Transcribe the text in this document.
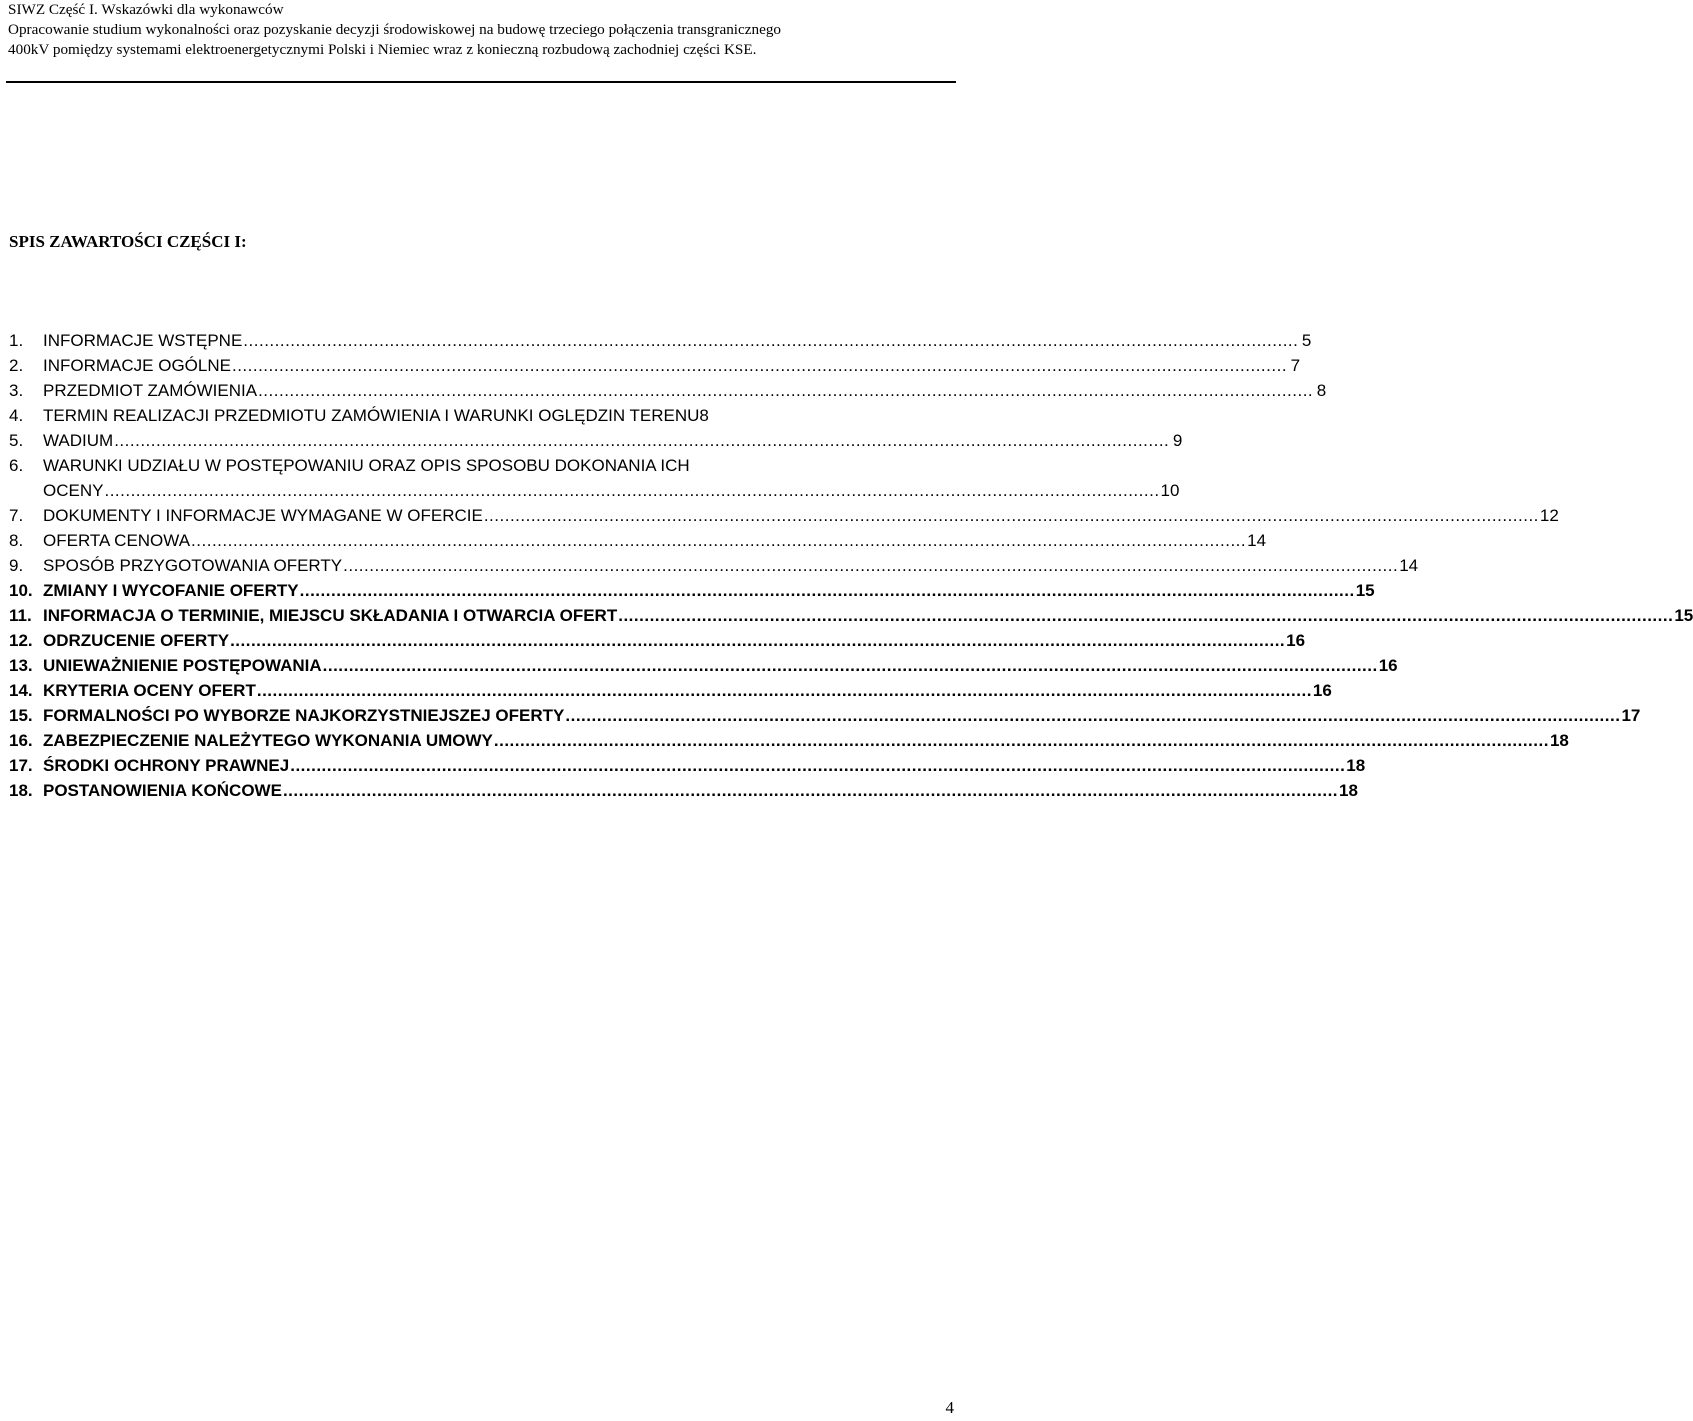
SIWZ Część I. Wskazówki dla wykonawców
Opracowanie studium wykonalności oraz pozyskanie decyzji środowiskowej na budowę trzeciego połączenia transgranicznego
400kV pomiędzy systemami elektroenergetycznymi Polski i Niemiec wraz z konieczną rozbudową zachodniej części KSE.
SPIS ZAWARTOŚCI CZĘŚCI I:
1.	INFORMACJE WSTĘPNE .......................................................................................................................................................................................................... 5
2.	INFORMACJE OGÓLNE .......................................................................................................................................................................................................... 7
3.	PRZEDMIOT ZAMÓWIENIA .......................................................................................................................................................................................................... 8
4.	TERMIN REALIZACJI PRZEDMIOTU ZAMÓWIENIA I WARUNKI OGLĘDZIN TERENU8
5.	WADIUM .......................................................................................................................................................................................................... 9
6.	WARUNKI UDZIAŁU W POSTĘPOWANIU ORAZ OPIS SPOSOBU DOKONANIA ICH
OCENY .......................................................................................................................................................................................................... 10
7.	DOKUMENTY I INFORMACJE WYMAGANE W OFERCIE .......................................................................................................................................................................................................... 12
8.	OFERTA CENOWA .......................................................................................................................................................................................................... 14
9.	SPOSÓB PRZYGOTOWANIA OFERTY .......................................................................................................................................................................................................... 14
10. ZMIANY I WYCOFANIE OFERTY .......................................................................................................................................................................................................... 15
11. INFORMACJA O TERMINIE, MIEJSCU SKŁADANIA I OTWARCIA OFERT .......................................................................................................................................................................................................... 15
12. ODRZUCENIE OFERTY .......................................................................................................................................................................................................... 16
13. UNIEWAŻNIENIE POSTĘPOWANIA .......................................................................................................................................................................................................... 16
14. KRYTERIA OCENY OFERT .......................................................................................................................................................................................................... 16
15. FORMALNOŚCI PO WYBORZE NAJKORZYSTNIEJSZEJ OFERTY .......................................................................................................................................................................................................... 17
16. ZABEZPIECZENIE NALEŻYTEGO WYKONANIA UMOWY .......................................................................................................................................................................................................... 18
17. ŚRODKI OCHRONY PRAWNEJ .......................................................................................................................................................................................................... 18
18. POSTANOWIENIA KOŃCOWE .......................................................................................................................................................................................................... 18
4
